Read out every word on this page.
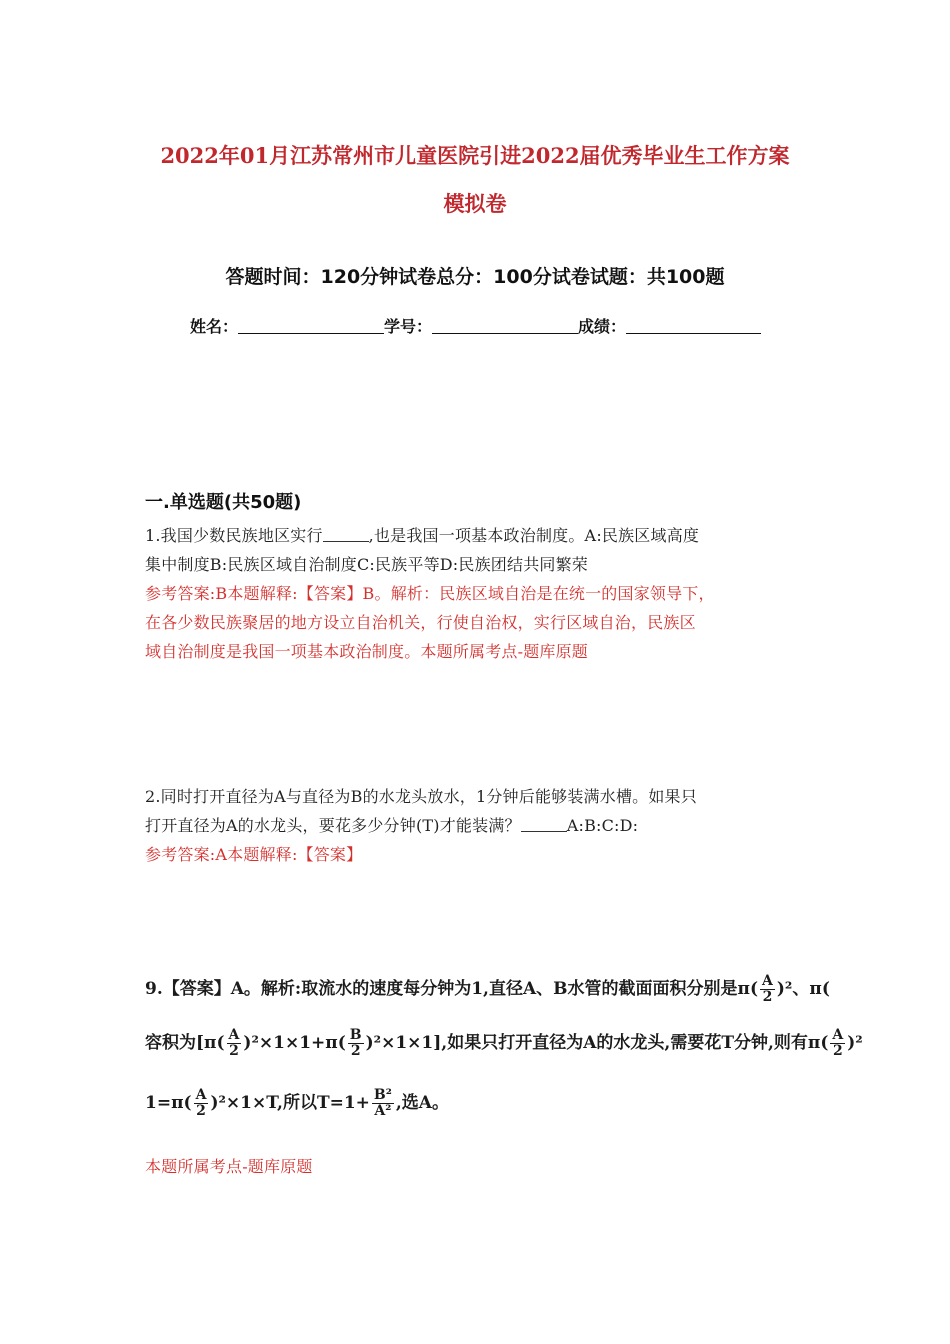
2022年01月江苏常州市儿童医院引进2022届优秀毕业生工作方案
模拟卷
答题时间：120分钟试卷总分：100分试卷试题：共100题
姓名：	学号：	成绩：
一.单选题(共50题)
1.我国少数民族地区实行	,也是我国一项基本政治制度。A:民族区域高度
集中制度B:民族区域自治制度C:民族平等D:民族团结共同繁荣
参考答案:B本题解释:【答案】B。解析：民族区域自治是在统一的国家领导下，
在各少数民族聚居的地方设立自治机关，行使自治权，实行区域自治，民族区
域自治制度是我国一项基本政治制度。本题所属考点-题库原题
2.同时打开直径为A与直径为B的水龙头放水，1分钟后能够装满水槽。如果只
打开直径为A的水龙头，要花多少分钟(T)才能装满？	A:B:C:D:
参考答案:A本题解释:【答案】
9.【答案】A。解析:取流水的速度每分钟为1,直径A、B水管的截面面积分别是$\pi( \frac{A}{2} )^2$、π(
容积为$[\pi( \frac{A}{2} )^2\times 1\times 1+\pi( \frac{B}{2} )^2\times 1\times 1]$,如果只打开直径为A的水龙头,需要花T分钟,则有$\pi( \frac{A}{2} )^2$
$1=\pi( \frac{A}{2} )^2\times 1\times T$,所以$T=1+ \frac{\text{B²}}{\text{A²}}$ ,选A。
本题所属考点-题库原题
